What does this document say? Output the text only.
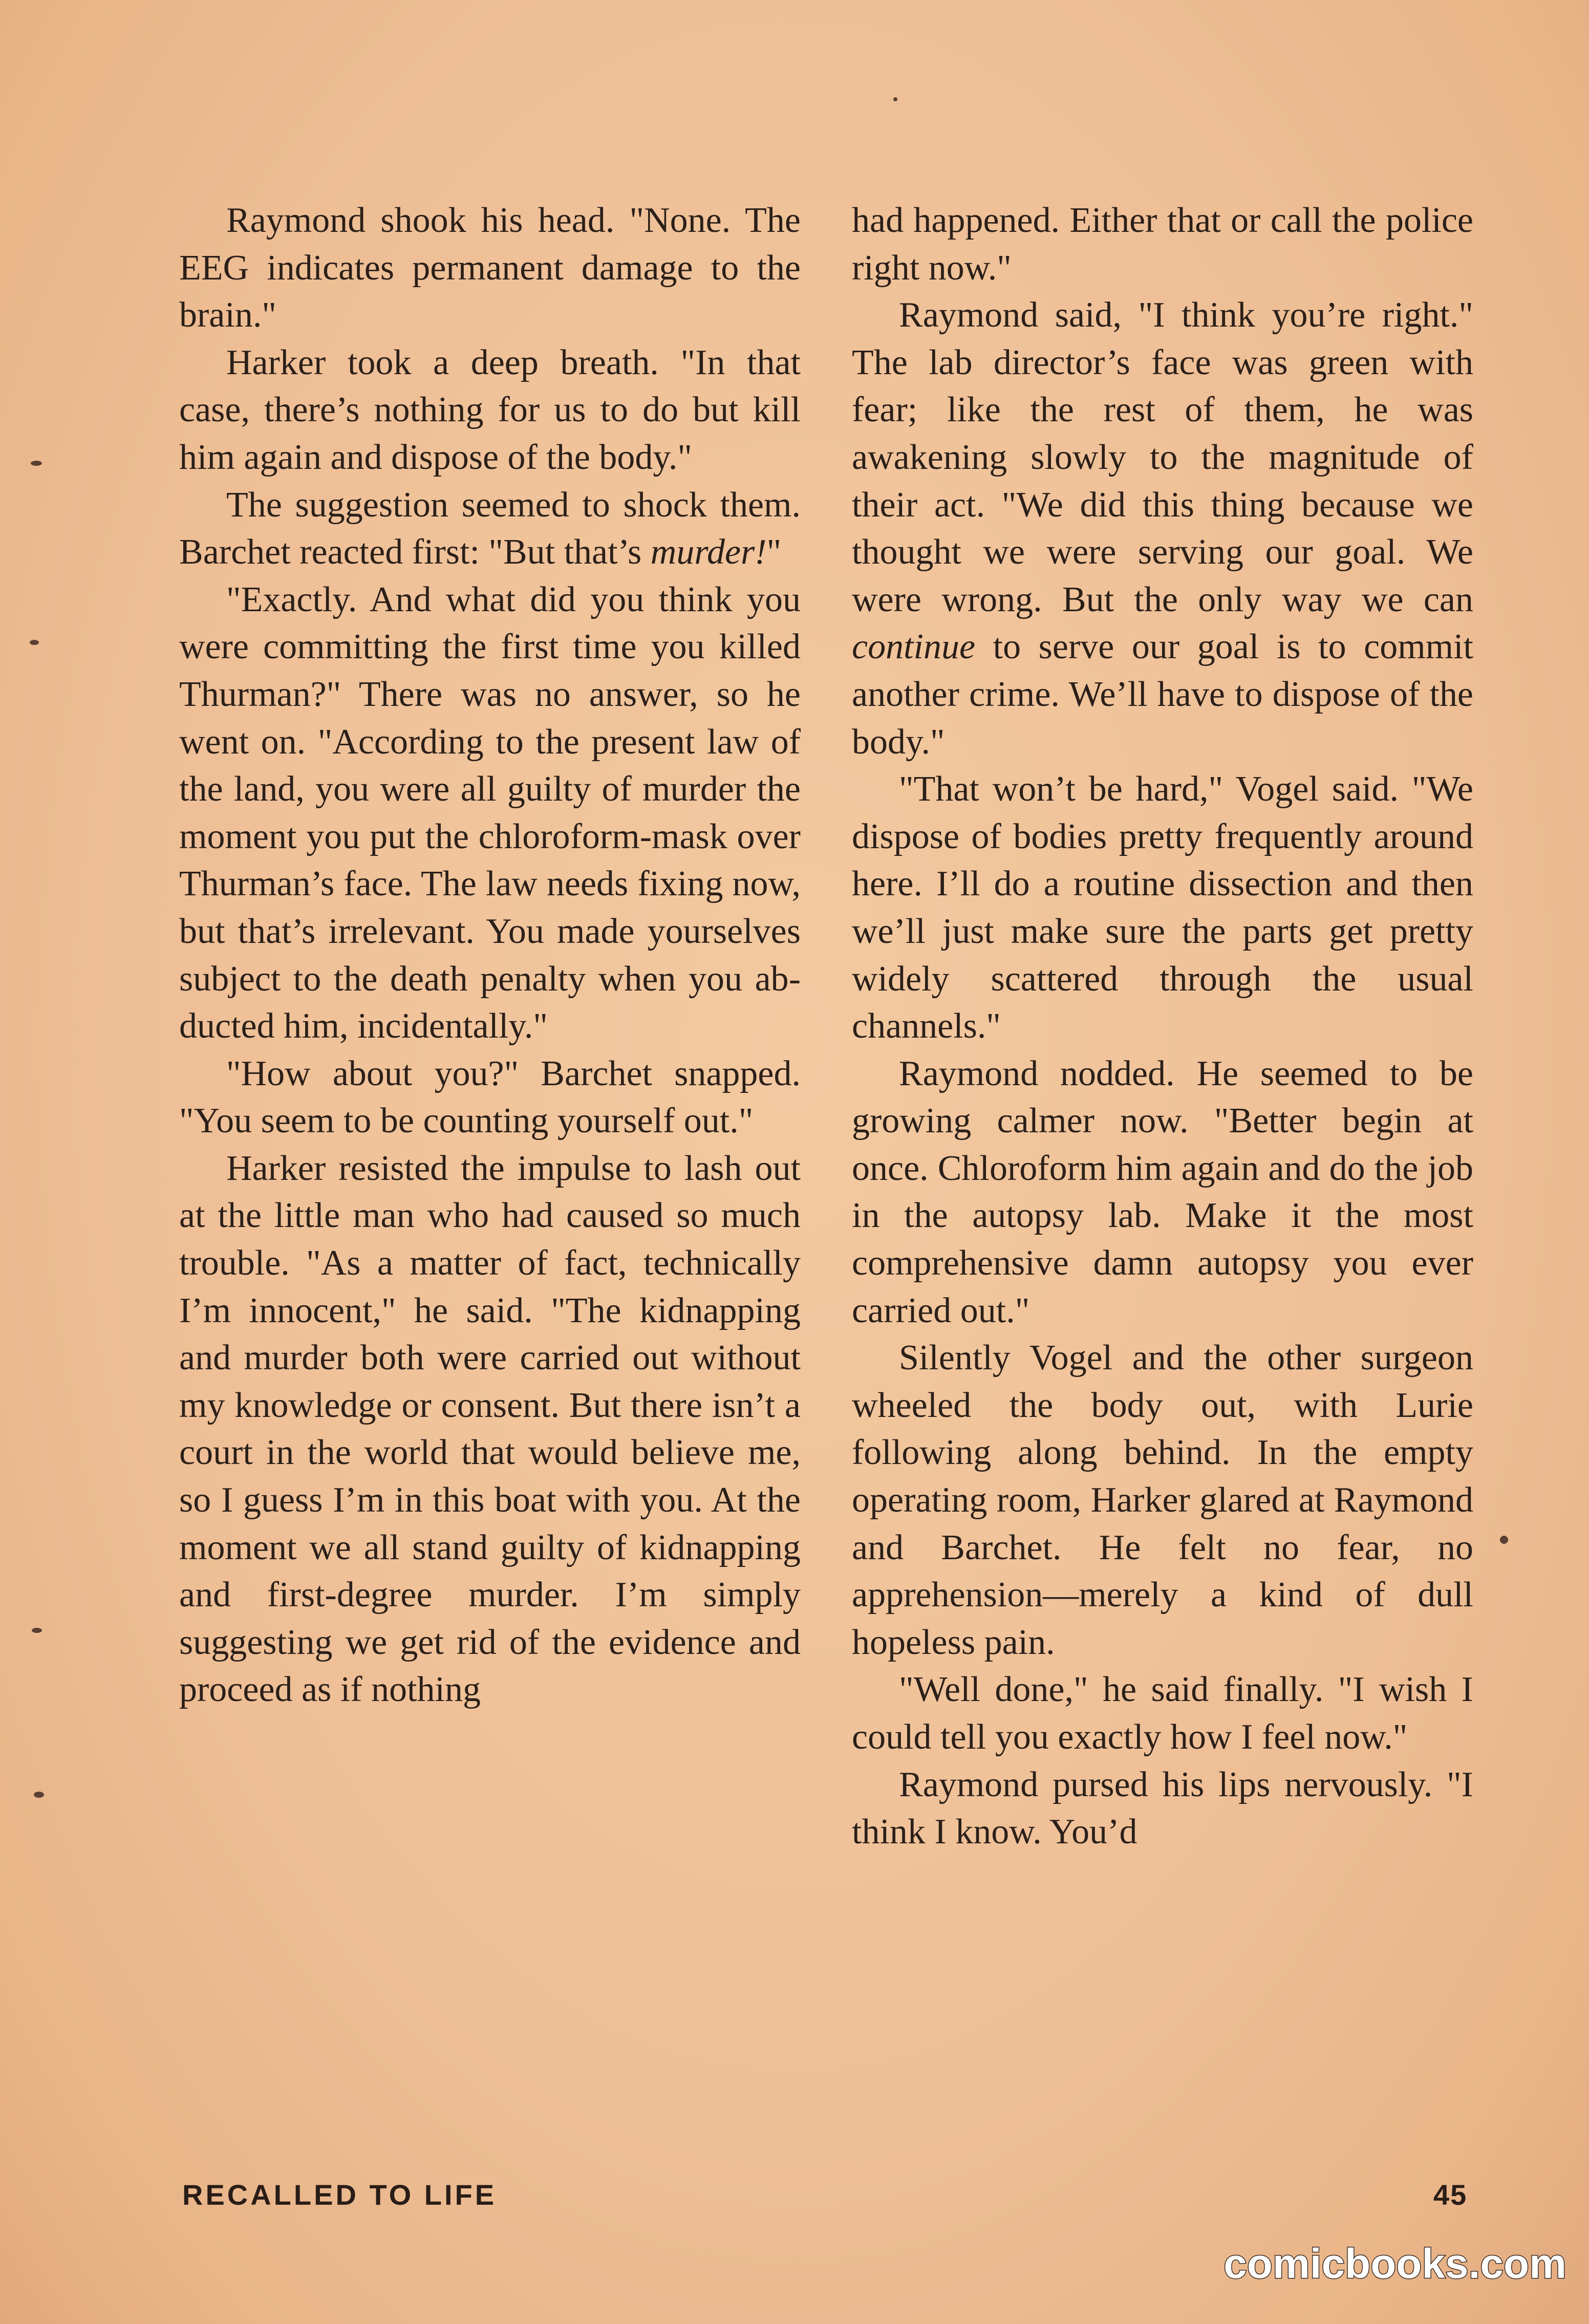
Raymond shook his head. "None. The EEG indicates permanent damage to the brain."

Harker took a deep breath. "In that case, there’s nothing for us to do but kill him again and dispose of the body."

The suggestion seemed to shock them. Barchet reacted first: "But that’s murder!"

"Exactly. And what did you think you were committing the first time you killed Thurman?" There was no answer, so he went on. "According to the present law of the land, you were all guilty of murder the moment you put the chloroform-mask over Thurman’s face. The law needs fixing now, but that’s irrelevant. You made yourselves subject to the death penalty when you abducted him, incidentally."

"How about you?" Barchet snapped. "You seem to be counting yourself out."

Harker resisted the impulse to lash out at the little man who had caused so much trouble. "As a matter of fact, technically I’m innocent," he said. "The kidnapping and murder both were carried out without my knowledge or consent. But there isn’t a court in the world that would believe me, so I guess I’m in this boat with you. At the moment we all stand guilty of kidnapping and first-degree murder. I’m simply suggesting we get rid of the evidence and proceed as if nothing

had happened. Either that or call the police right now."

Raymond said, "I think you’re right." The lab director’s face was green with fear; like the rest of them, he was awakening slowly to the magnitude of their act. "We did this thing because we thought we were serving our goal. We were wrong. But the only way we can continue to serve our goal is to commit another crime. We’ll have to dispose of the body."

"That won’t be hard," Vogel said. "We dispose of bodies pretty frequently around here. I’ll do a routine dissection and then we’ll just make sure the parts get pretty widely scattered through the usual channels."

Raymond nodded. He seemed to be growing calmer now. "Better begin at once. Chloroform him again and do the job in the autopsy lab. Make it the most comprehensive damn autopsy you ever carried out."

Silently Vogel and the other surgeon wheeled the body out, with Lurie following along behind. In the empty operating room, Harker glared at Raymond and Barchet. He felt no fear, no apprehension—merely a kind of dull hopeless pain.

"Well done," he said finally. "I wish I could tell you exactly how I feel now."

Raymond pursed his lips nervously. "I think I know. You’d

RECALLED TO LIFE	45
comicbooks.com
